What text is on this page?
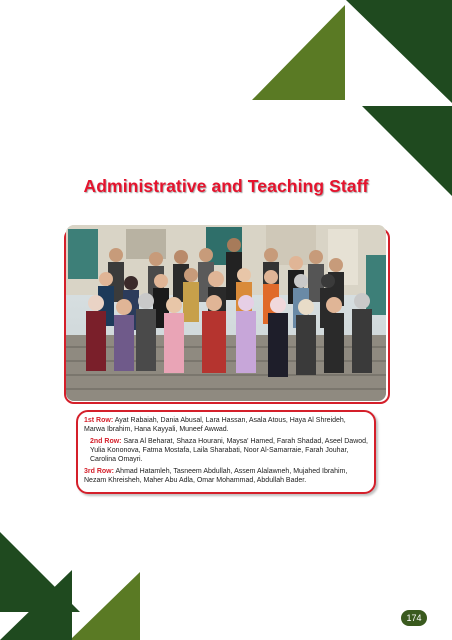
Administrative and Teaching Staff
1st Row: Ayat Rabaiah, Dania Abusal, Lara Hassan, Asala Atous, Haya Al Shreideh,
Marwa Ibrahim, Hana Kayyali, Muneef Awwad.
2nd Row: Sara Al Beharat, Shaza Hourani, Maysa' Hamed, Farah Shadad, Aseel Dawod,
Yulia Kononova, Fatma Mostafa, Laila Sharabati, Noor Al-Samarraie, Farah Jouhar,
Carolina Omayri.
3rd Row: Ahmad Hatamleh, Tasneem Abdullah, Assem Alalawneh, Mujahed Ibrahim,
Nezam Khreisheh, Maher Abu Adla, Omar Mohammad, Abdullah Bader.
174
